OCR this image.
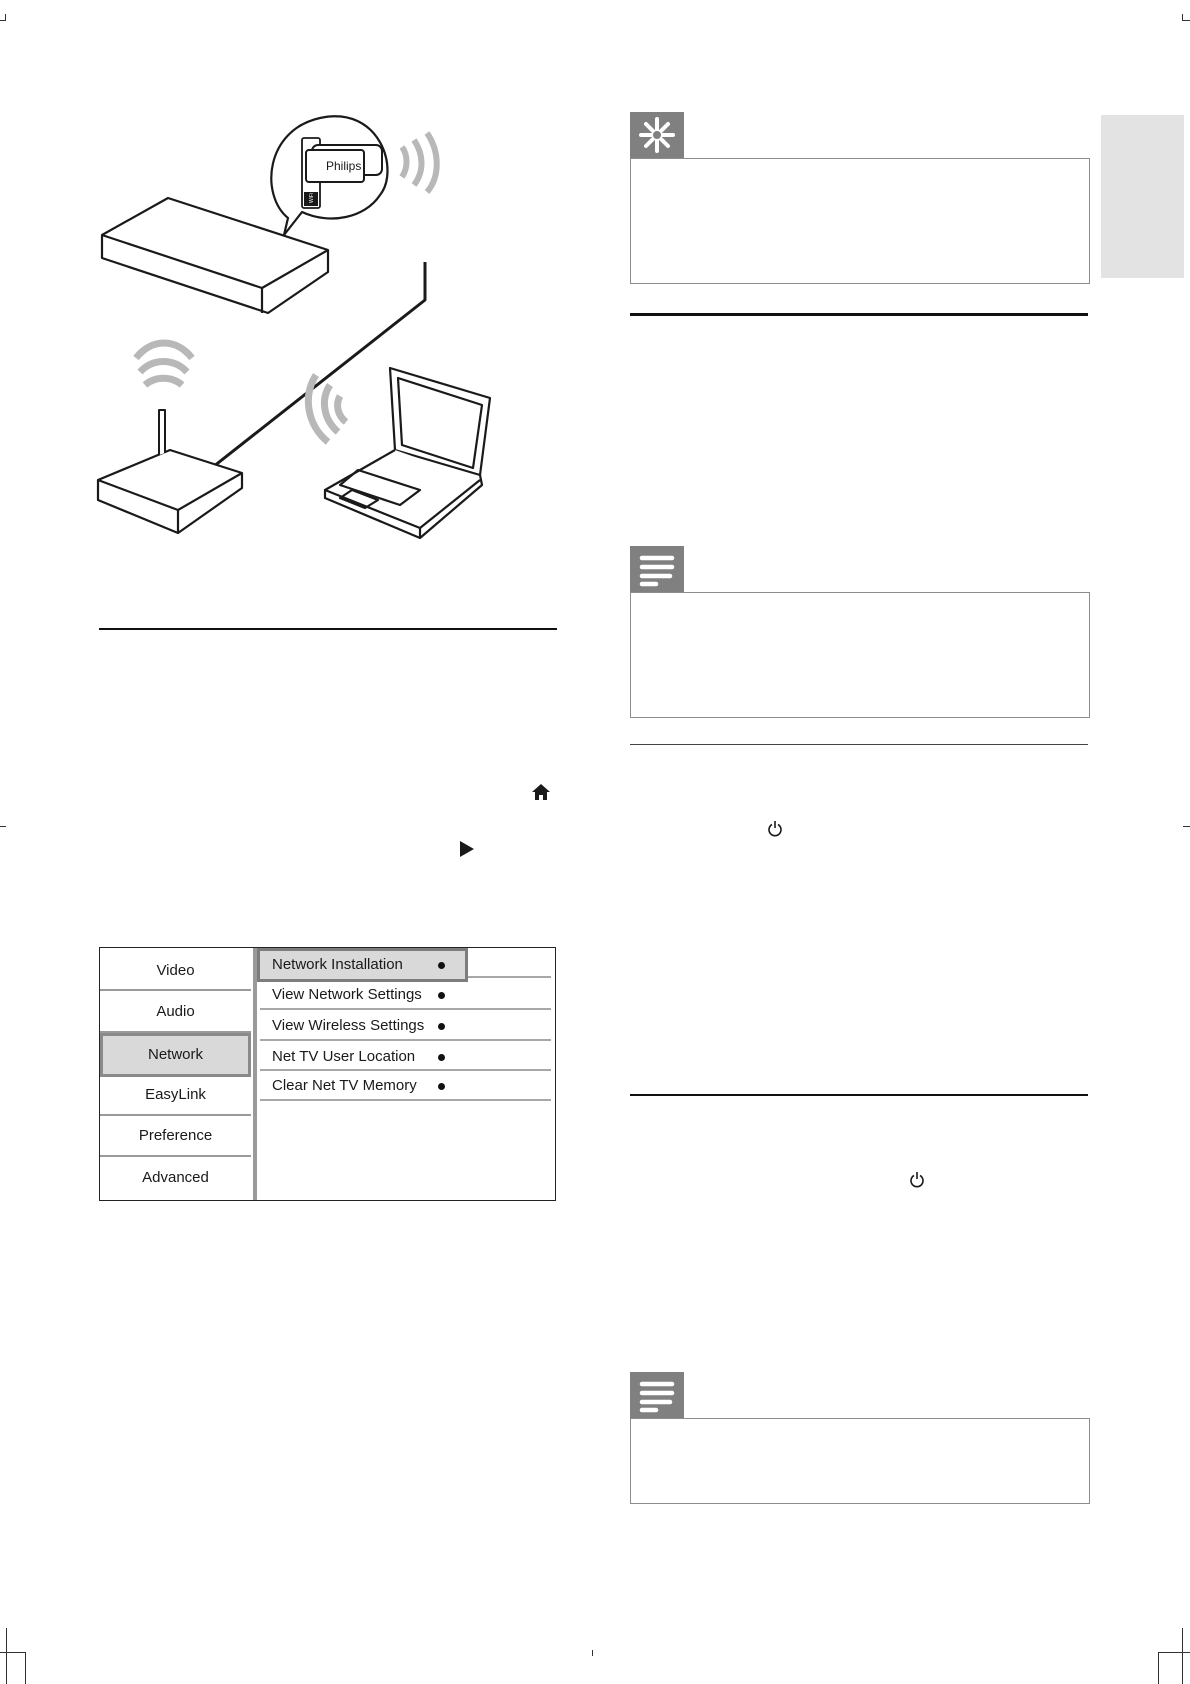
Philips
WiFi
Video
Audio
Network
EasyLink
Preference
Advanced
Network Installation
View Network Settings
View Wireless Settings
Net TV User Location
Clear Net TV Memory
